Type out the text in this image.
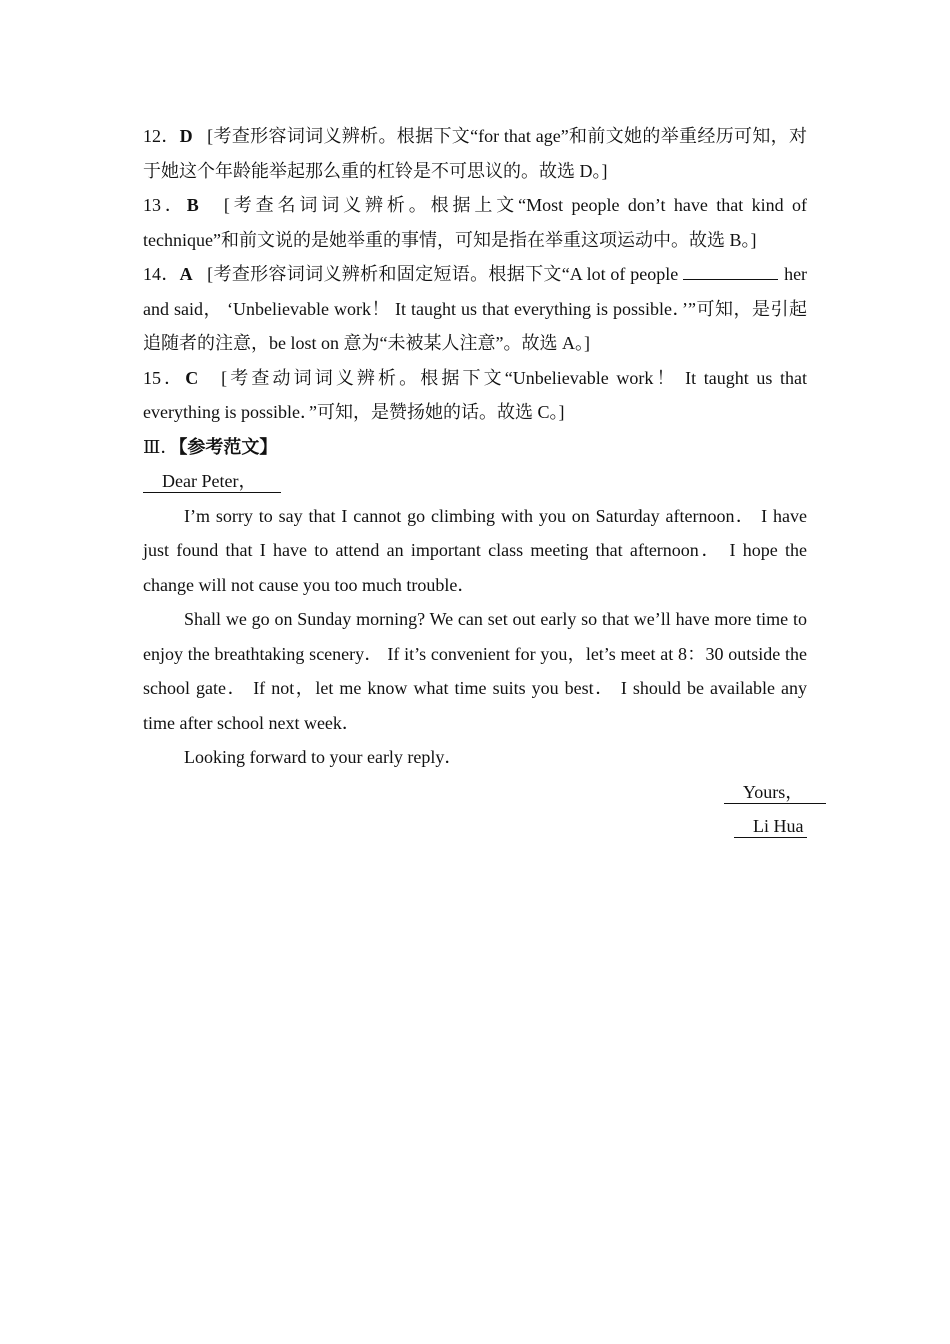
12．D [考查形容词词义辨析。根据下文“for that age”和前文她的举重经历可知，对于她这个年龄能举起那么重的杠铃是不可思议的。故选 D。]

13．B [考查名词词义辨析。根据上文“Most people don’t have that kind of technique”和前文说的是她举重的事情，可知是指在举重这项运动中。故选 B。]

14．A [考查形容词词义辨析和固定短语。根据下文“A lot of people	her and said， ‘Unbelievable work！ It taught us that everything is possible．’”可知，是引起追随者的注意，be lost on 意为“未被某人注意”。故选 A。]

15．C [考查动词词义辨析。根据下文“Unbelievable work！ It taught us that everything is possible．”可知，是赞扬她的话。故选 C。]

Ⅲ．【参考范文】

Dear Peter，

I’m sorry to say that I cannot go climbing with you on Saturday afternoon． I have just found that I have to attend an important class meeting that afternoon． I hope the change will not cause you too much trouble．

Shall we go on Sunday morning? We can set out early so that we’ll have more time to enjoy the breathtaking scenery． If it’s convenient for you，let’s meet at 8：30 outside the school gate． If not，let me know what time suits you best． I should be available any time after school next week．

Looking forward to your early reply．

Yours，

Li Hua
